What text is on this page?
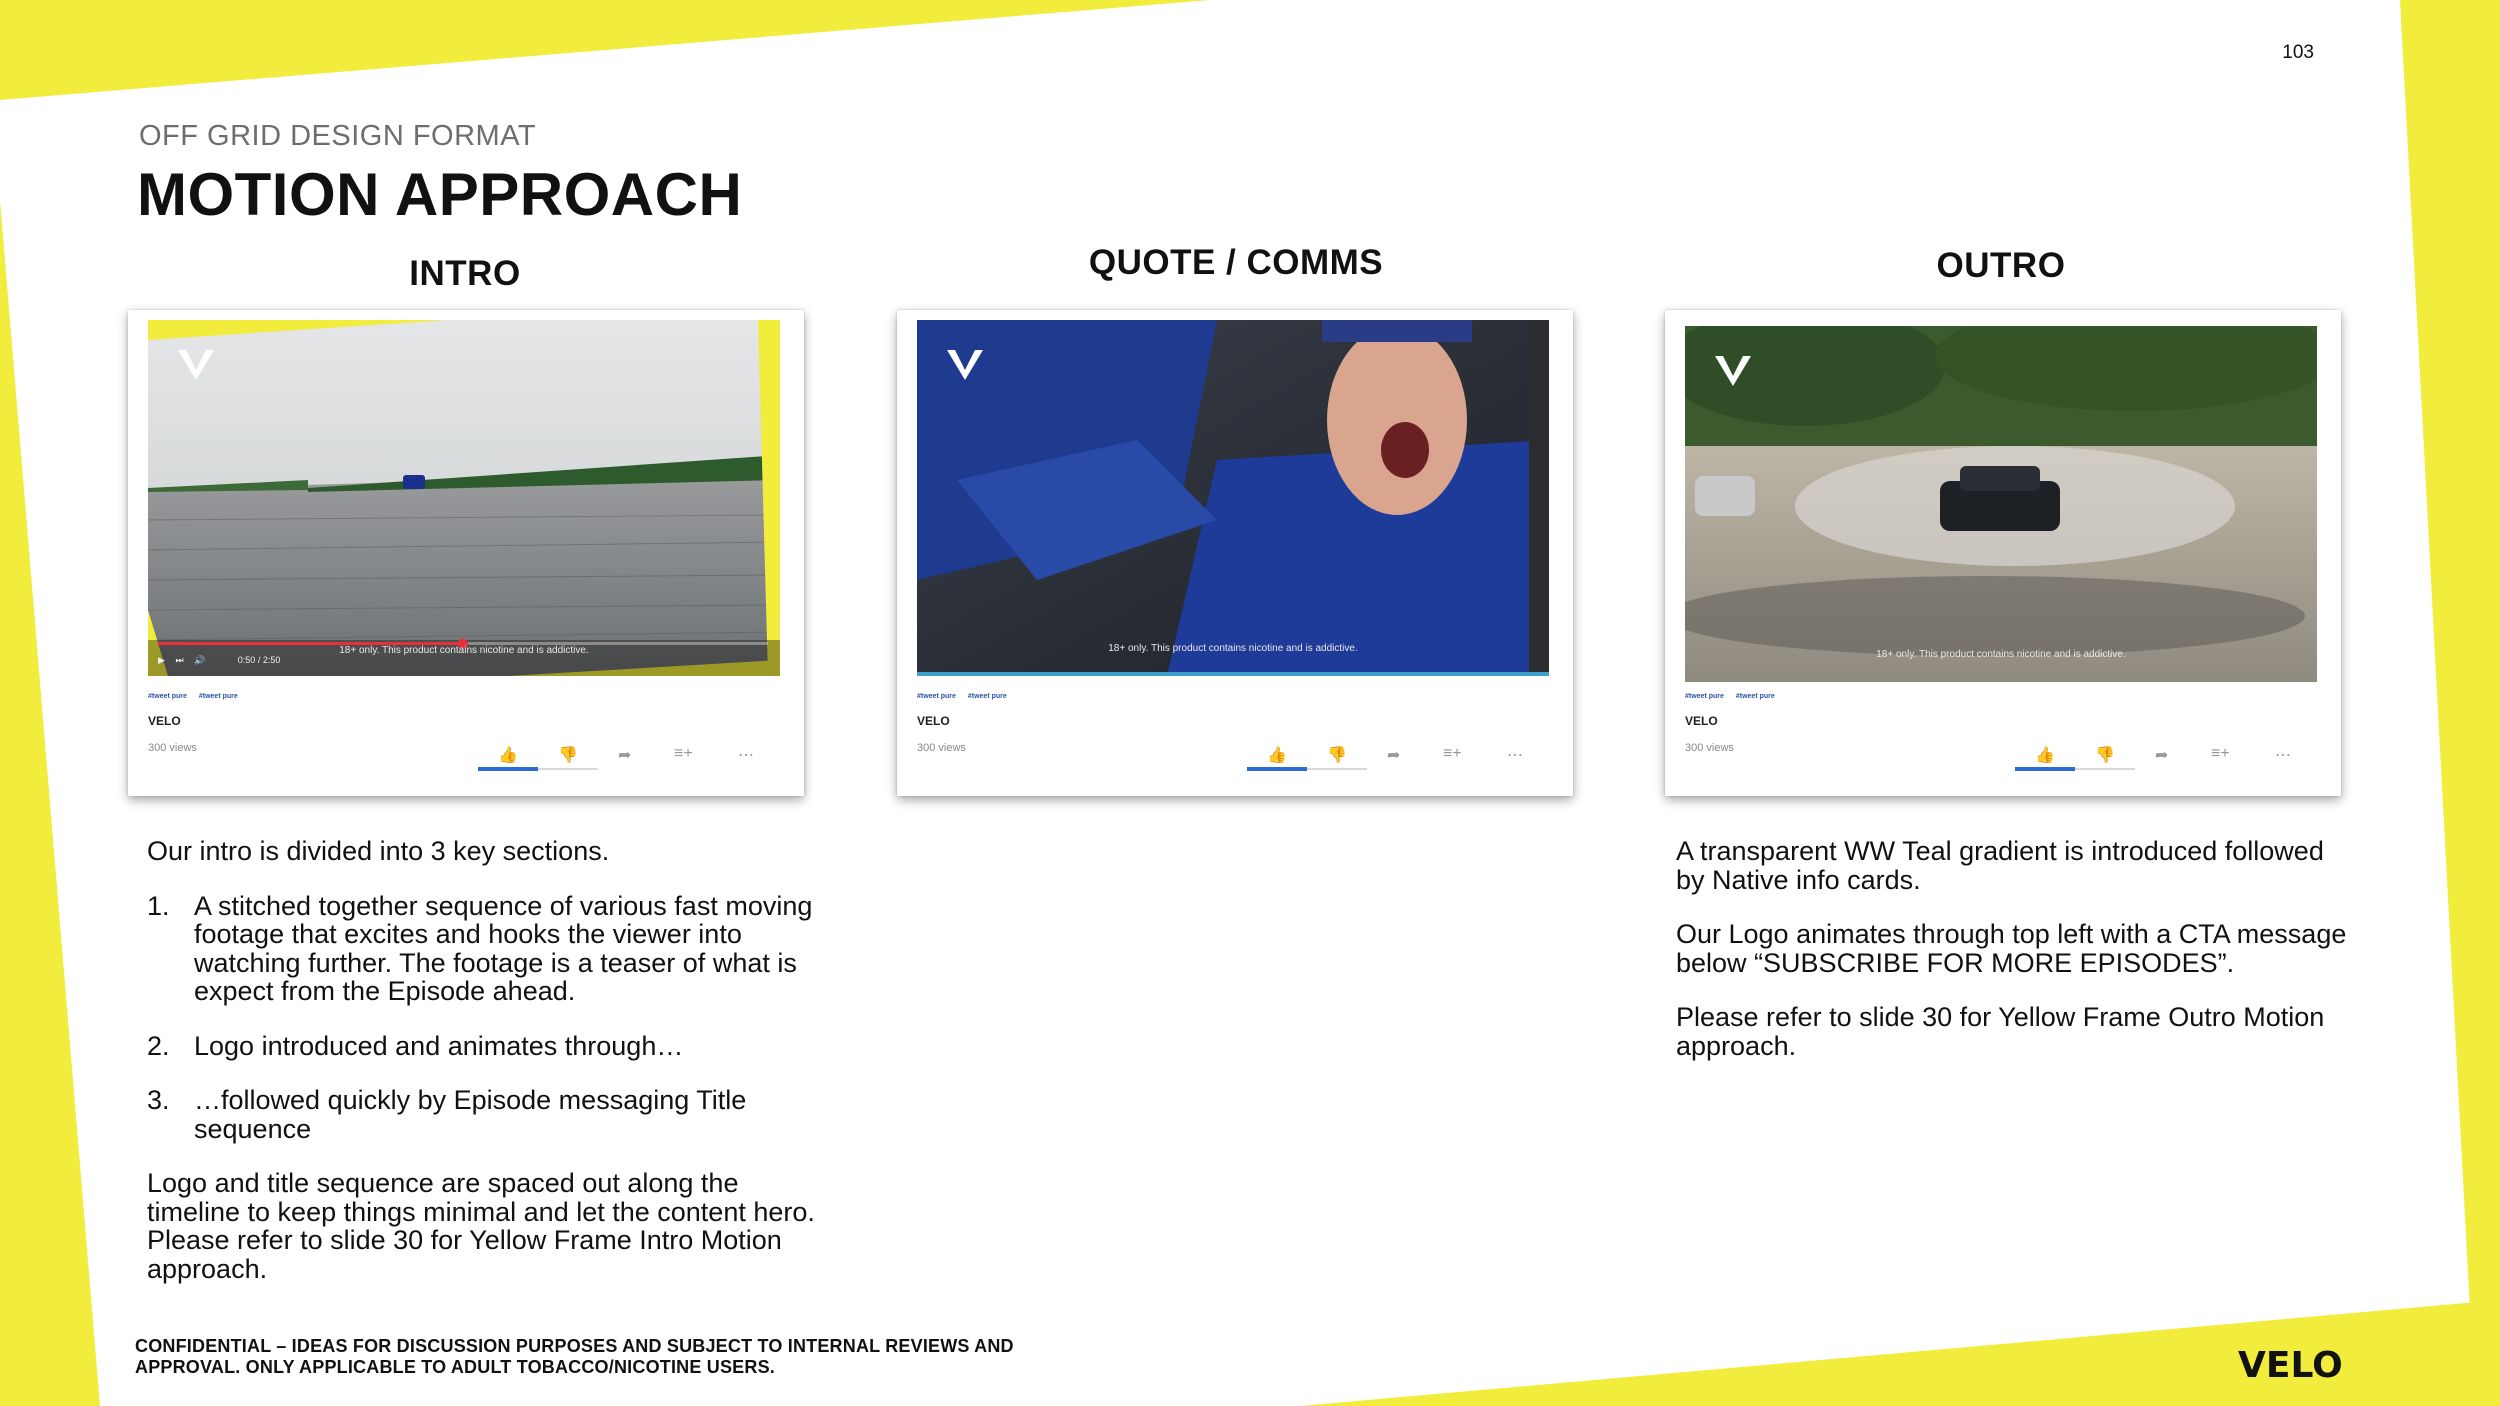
103
OFF GRID DESIGN FORMAT
MOTION APPROACH
INTRO	QUOTE / COMMS	OUTRO
▶ ⏭ 🔊	0:50 / 2:50
18+ only. This product contains nicotine and is addictive.
#tweet pure #tweet pure
VELO
300 views	👍	👎	➦	≡+	⋯
18+ only. This product contains nicotine and is addictive.
#tweet pure #tweet pure
VELO
300 views	👍	👎	➦	≡+	⋯
18+ only. This product contains nicotine and is addictive.
#tweet pure #tweet pure
VELO
300 views	👍	👎	➦	≡+	⋯

Our intro is divided into 3 key sections.

1. A stitched together sequence of various fast moving footage that excites and hooks the viewer into watching further. The footage is a teaser of what is expect from the Episode ahead.
2. Logo introduced and animates through…
3. …followed quickly by Episode messaging Title sequence

Logo and title sequence are spaced out along the timeline to keep things minimal and let the content hero. Please refer to slide 30 for Yellow Frame Intro Motion approach.

A transparent WW Teal gradient is introduced followed by Native info cards.

Our Logo animates through top left with a CTA message below “SUBSCRIBE FOR MORE EPISODES”.

Please refer to slide 30 for Yellow Frame Outro Motion approach.

CONFIDENTIAL – IDEAS FOR DISCUSSION PURPOSES AND SUBJECT TO INTERNAL REVIEWS AND
APPROVAL. ONLY APPLICABLE TO ADULT TOBACCO/NICOTINE USERS.	VELO
